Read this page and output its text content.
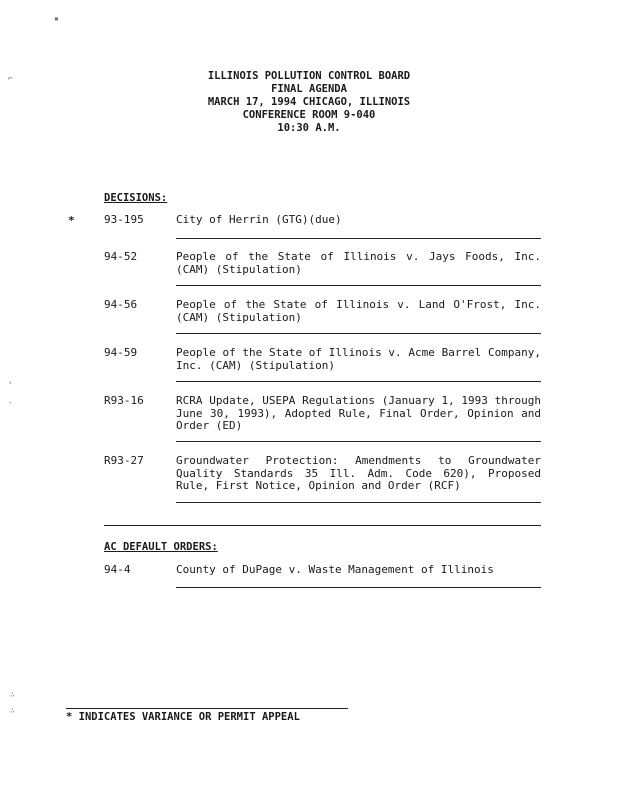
▪
⌐
,
-
∴
∴
ILLINOIS POLLUTION CONTROL BOARD
FINAL AGENDA
MARCH 17, 1994 CHICAGO, ILLINOIS
CONFERENCE ROOM 9-040
10:30 A.M.
DECISIONS:
*	93-195	City of Herrin (GTG)(due)
94-52	People of the State of Illinois v. Jays Foods, Inc. (CAM) (Stipulation)
94-56	People of the State of Illinois v. Land O'Frost, Inc. (CAM) (Stipulation)
94-59	People of the State of Illinois v. Acme Barrel Company, Inc. (CAM) (Stipulation)
R93-16	RCRA Update, USEPA Regulations (January 1, 1993 through June 30, 1993), Adopted Rule, Final Order, Opinion and Order (ED)
R93-27	Groundwater Protection: Amendments to Groundwater Quality Standards 35 Ill. Adm. Code 620), Proposed Rule, First Notice, Opinion and Order (RCF)
AC DEFAULT ORDERS:
94-4	County of DuPage v. Waste Management of Illinois
* INDICATES VARIANCE OR PERMIT APPEAL
